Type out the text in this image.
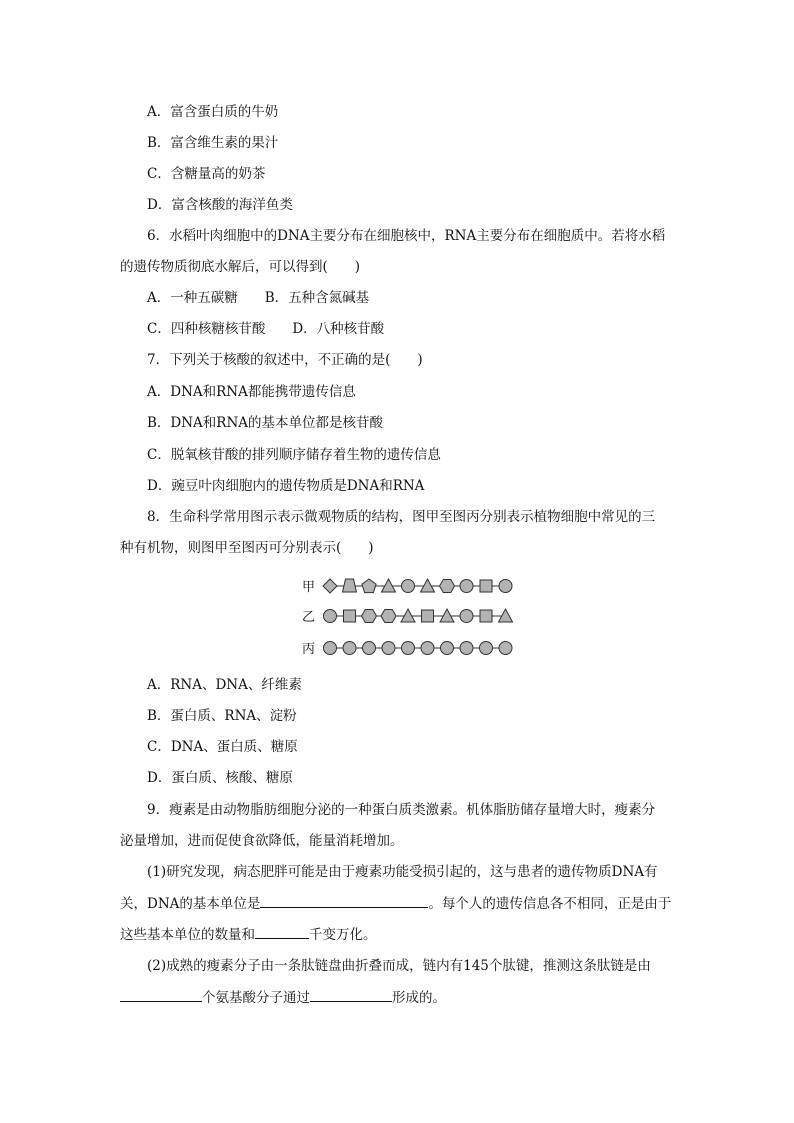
A．富含蛋白质的牛奶
B．富含维生素的果汁
C．含糖量高的奶茶
D．富含核酸的海洋鱼类
6．水稻叶肉细胞中的DNA主要分布在细胞核中，RNA主要分布在细胞质中。若将水稻
的遗传物质彻底水解后，可以得到(　　)
A．一种五碳糖　　B．五种含氮碱基
C．四种核糖核苷酸　　D．八种核苷酸
7．下列关于核酸的叙述中，不正确的是(　　)
A．DNA和RNA都能携带遗传信息
B．DNA和RNA的基本单位都是核苷酸
C．脱氧核苷酸的排列顺序储存着生物的遗传信息
D．豌豆叶肉细胞内的遗传物质是DNA和RNA
8．生命科学常用图示表示微观物质的结构，图甲至图丙分别表示植物细胞中常见的三
种有机物，则图甲至图丙可分别表示(　　)
甲
乙
丙
A．RNA、DNA、纤维素
B．蛋白质、RNA、淀粉
C．DNA、蛋白质、糖原
D．蛋白质、核酸、糖原
9．瘦素是由动物脂肪细胞分泌的一种蛋白质类激素。机体脂肪储存量增大时，瘦素分
泌量增加，进而促使食欲降低，能量消耗增加。
(1)研究发现，病态肥胖可能是由于瘦素功能受损引起的，这与患者的遗传物质DNA有
关，DNA的基本单位是	。每个人的遗传信息各不相同，正是由于
这些基本单位的数量和	千变万化。
(2)成熟的瘦素分子由一条肽链盘曲折叠而成，链内有145个肽键，推测这条肽链是由
个氨基酸分子通过	形成的。
